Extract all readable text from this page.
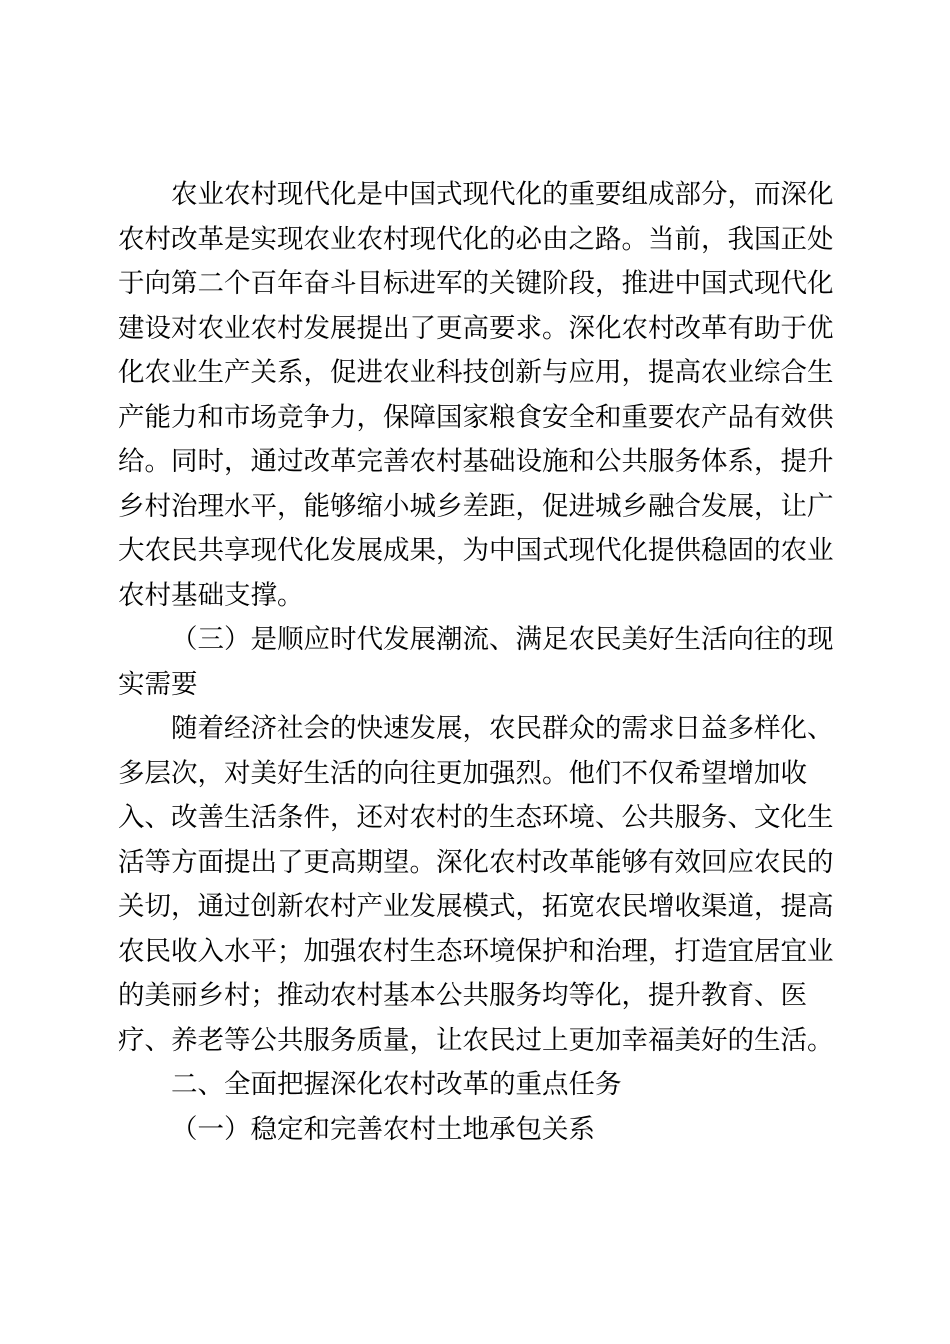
农业农村现代化是中国式现代化的重要组成部分，而深化
农村改革是实现农业农村现代化的必由之路。当前，我国正处
于向第二个百年奋斗目标进军的关键阶段，推进中国式现代化
建设对农业农村发展提出了更高要求。深化农村改革有助于优
化农业生产关系，促进农业科技创新与应用，提高农业综合生
产能力和市场竞争力，保障国家粮食安全和重要农产品有效供
给。同时，通过改革完善农村基础设施和公共服务体系，提升
乡村治理水平，能够缩小城乡差距，促进城乡融合发展，让广
大农民共享现代化发展成果，为中国式现代化提供稳固的农业
农村基础支撑。
（三）是顺应时代发展潮流、满足农民美好生活向往的现
实需要
随着经济社会的快速发展，农民群众的需求日益多样化、
多层次，对美好生活的向往更加强烈。他们不仅希望增加收
入、改善生活条件，还对农村的生态环境、公共服务、文化生
活等方面提出了更高期望。深化农村改革能够有效回应农民的
关切，通过创新农村产业发展模式，拓宽农民增收渠道，提高
农民收入水平；加强农村生态环境保护和治理，打造宜居宜业
的美丽乡村；推动农村基本公共服务均等化，提升教育、医
疗、养老等公共服务质量，让农民过上更加幸福美好的生活。
二、全面把握深化农村改革的重点任务
（一）稳定和完善农村土地承包关系
